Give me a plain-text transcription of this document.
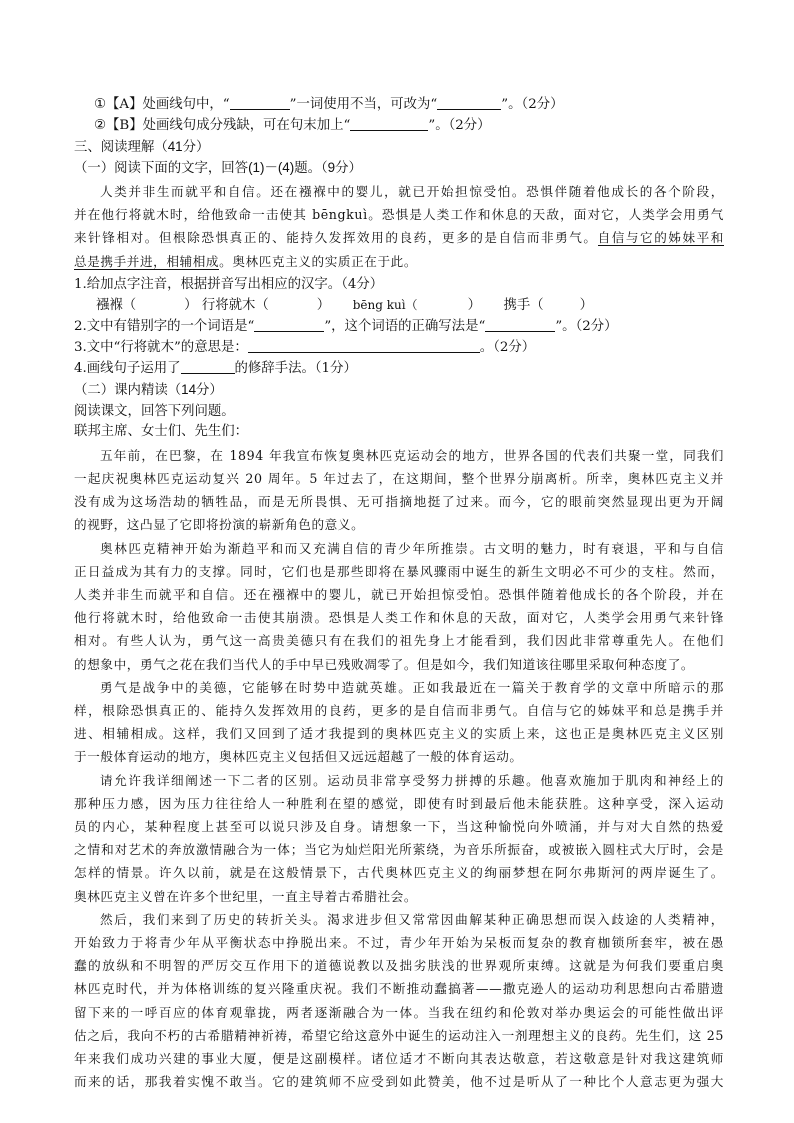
①【A】处画线句中，“	”一词使用不当，可改为“	”。（2分）
②【B】处画线句成分残缺，可在句末加上“	”。（2分）
三、阅读理解（41分）
（一）阅读下面的文字，回答(1)－(4)题。（9分）
人类并非生而就平和自信。还在襁褓中的婴儿，就已开始担惊受怕。恐惧伴随着他成长的各个阶段，
并在他行将就木时，给他致命一击使其 bēngkuì。恐惧是人类工作和休息的天敌，面对它，人类学会用勇气
来针锋相对。但根除恐惧真正的、能持久发挥效用的良药，更多的是自信而非勇气。自信与它的姊妹平和
总是携手并进，相辅相成。奥林匹克主义的实质正在于此。
1.给加点字注音，根据拼音写出相应的汉字。（4分）
襁褓（	） 行将就木（	） bēng kuì（	） 携手（	）
2.文中有错别字的一个词语是“	”，这个词语的正确写法是“	”。（2分）
3.文中“行将就木”的意思是：	。（2分）
4.画线句子运用了	的修辞手法。（1分）
（二）课内精读（14分）
阅读课文，回答下列问题。
联邦主席、女士们、先生们：
五年前，在巴黎，在 1894 年我宣布恢复奥林匹克运动会的地方，世界各国的代表们共聚一堂，同我们
一起庆祝奥林匹克运动复兴 20 周年。5 年过去了，在这期间，整个世界分崩离析。所幸，奥林匹克主义并
没有成为这场浩劫的牺牲品，而是无所畏惧、无可指摘地挺了过来。而今，它的眼前突然显现出更为开阔
的视野，这凸显了它即将扮演的崭新角色的意义。
奥林匹克精神开始为渐趋平和而又充满自信的青少年所推崇。古文明的魅力，时有衰退，平和与自信
正日益成为其有力的支撑。同时，它们也是那些即将在暴风骤雨中诞生的新生文明必不可少的支柱。然而，
人类并非生而就平和自信。还在襁褓中的婴儿，就已开始担惊受怕。恐惧伴随着他成长的各个阶段，并在
他行将就木时，给他致命一击使其崩溃。恐惧是人类工作和休息的天敌，面对它，人类学会用勇气来针锋
相对。有些人认为，勇气这一高贵美德只有在我们的祖先身上才能看到，我们因此非常尊重先人。在他们
的想象中，勇气之花在我们当代人的手中早已残败凋零了。但是如今，我们知道该往哪里采取何种态度了。
勇气是战争中的美德，它能够在时势中造就英雄。正如我最近在一篇关于教育学的文章中所暗示的那
样，根除恐惧真正的、能持久发挥效用的良药，更多的是自信而非勇气。自信与它的姊妹平和总是携手并
进、相辅相成。这样，我们又回到了适才我提到的奥林匹克主义的实质上来，这也正是奥林匹克主义区别
于一般体育运动的地方，奥林匹克主义包括但又远远超越了一般的体育运动。
请允许我详细阐述一下二者的区别。运动员非常享受努力拼搏的乐趣。他喜欢施加于肌肉和神经上的
那种压力感，因为压力往往给人一种胜利在望的感觉，即使有时到最后他未能获胜。这种享受，深入运动
员的内心，某种程度上甚至可以说只涉及自身。请想象一下，当这种愉悦向外喷涌，并与对大自然的热爱
之情和对艺术的奔放激情融合为一体；当它为灿烂阳光所萦绕，为音乐所振奋，或被嵌入圆柱式大厅时，会是
怎样的情景。许久以前，就是在这般情景下，古代奥林匹克主义的绚丽梦想在阿尔弗斯河的两岸诞生了。
奥林匹克主义曾在许多个世纪里，一直主导着古希腊社会。
然后，我们来到了历史的转折关头。渴求进步但又常常因曲解某种正确思想而误入歧途的人类精神，
开始致力于将青少年从平衡状态中挣脱出来。不过，青少年开始为呆板而复杂的教育枷锁所套牢，被在愚
蠢的放纵和不明智的严厉交互作用下的道德说教以及拙劣肤浅的世界观所束缚。这就是为何我们要重启奥
林匹克时代，并为体格训练的复兴隆重庆祝。我们不断推动蠢搞著——撒克逊人的运动功利思想向古希腊遗
留下来的一呼百应的体育观靠拢，两者逐渐融合为一体。当我在纽约和伦敦对举办奥运会的可能性做出评
估之后，我向不朽的古希腊精神祈祷，希望它给这意外中诞生的运动注入一剂理想主义的良药。先生们，这 25
年来我们成功兴建的事业大厦，便是这副模样。诸位适才不断向其表达敬意，若这敬意是针对我这建筑师
而来的话，那我着实愧不敢当。它的建筑师不应受到如此赞美，他不过是听从了一种比个人意志更为强大
